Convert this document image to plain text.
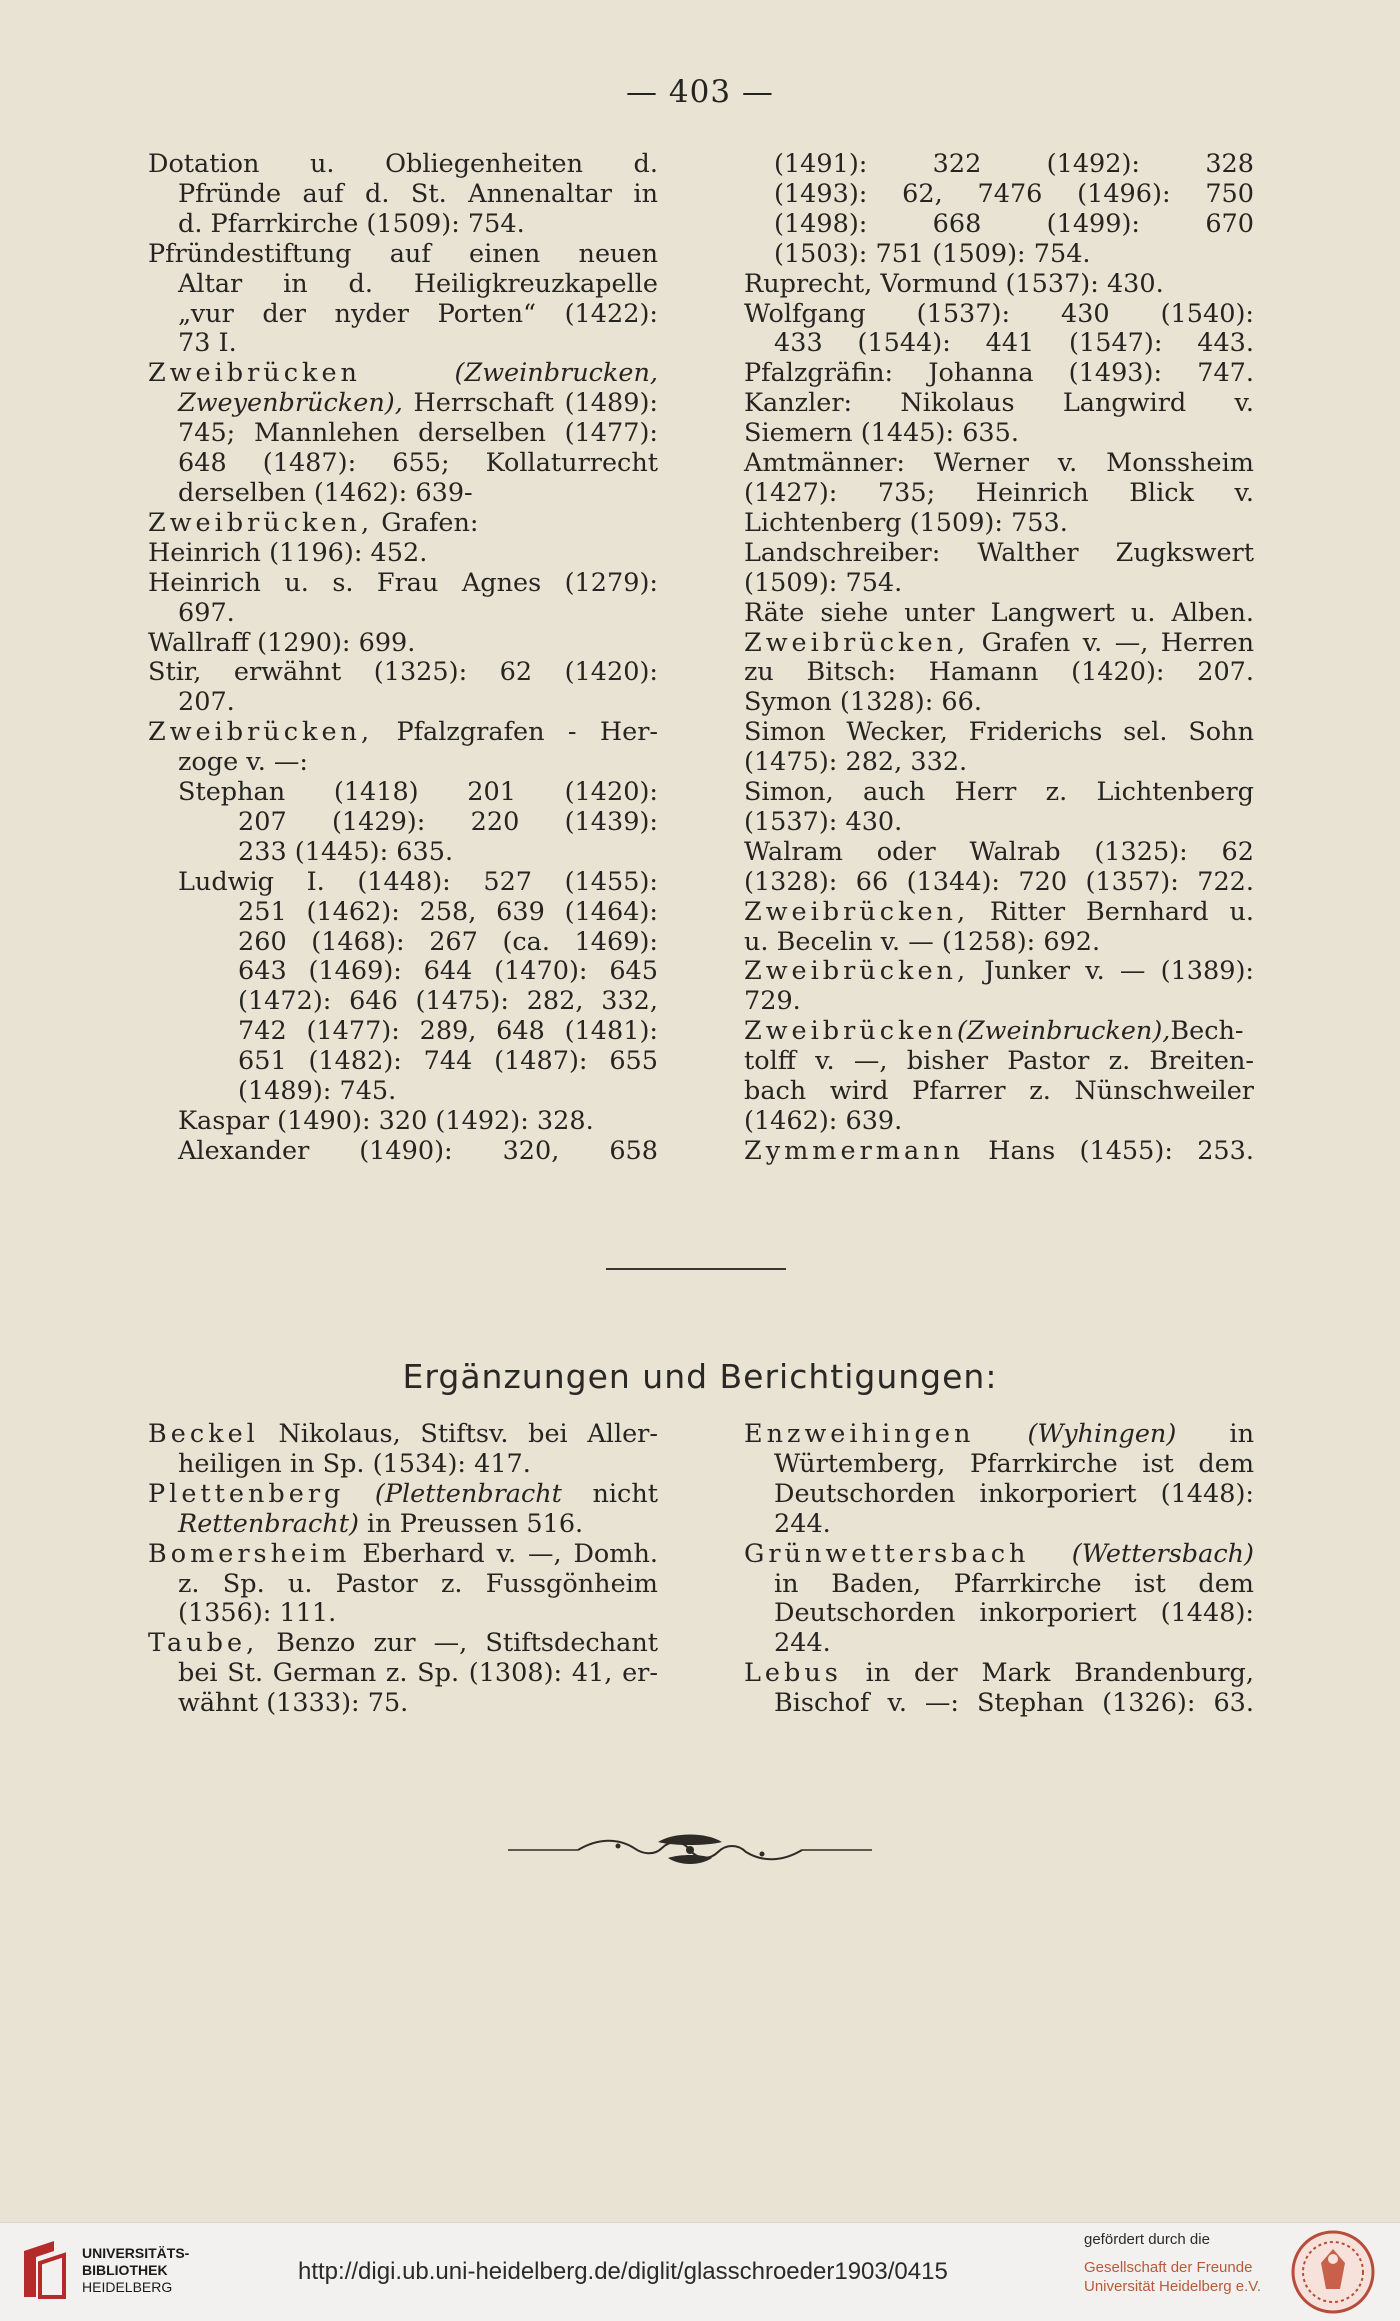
— 403 —
Dotation u. Obliegenheiten d.
Pfründe auf d. St. Annenaltar in
d. Pfarrkirche (1509): 754.
Pfründestiftung auf einen neuen
Altar in d. Heiligkreuzkapelle
„vur der nyder Porten“ (1422):
73 I.
Zweibrücken	(Zweinbrucken,
Zweyenbrücken), Herrschaft (1489):
745; Mannlehen derselben (1477):
648 (1487): 655; Kollaturrecht
derselben (1462): 639-
Zweibrücken, Grafen:
Heinrich (1196): 452.
Heinrich u. s. Frau Agnes (1279):
697.
Wallraff (1290): 699.
Stir, erwähnt (1325): 62 (1420):
207.
Zweibrücken, Pfalzgrafen - Her-
zoge v. —:
Stephan (1418) 201 (1420):
207 (1429): 220 (1439):
233 (1445): 635.
Ludwig I. (1448): 527 (1455):
251 (1462): 258, 639 (1464):
260 (1468): 267 (ca. 1469):
643 (1469): 644 (1470): 645
(1472): 646 (1475): 282, 332,
742 (1477): 289, 648 (1481):
651 (1482): 744 (1487): 655
(1489): 745.
Kaspar (1490): 320 (1492): 328.
Alexander (1490): 320, 658
(1491): 322 (1492): 328
(1493): 62, 7476 (1496): 750
(1498): 668 (1499): 670
(1503): 751 (1509): 754.
Ruprecht, Vormund (1537): 430.
Wolfgang (1537): 430 (1540):
433 (1544): 441 (1547): 443.
Pfalzgräfin: Johanna (1493): 747.
Kanzler: Nikolaus Langwird v.
Siemern (1445): 635.
Amtmänner: Werner v. Monssheim
(1427): 735; Heinrich Blick v.
Lichtenberg (1509): 753.
Landschreiber: Walther Zugkswert
(1509): 754.
Räte siehe unter Langwert u. Alben.
Zweibrücken, Grafen v. —, Herren
zu Bitsch: Hamann (1420): 207.
Symon (1328): 66.
Simon Wecker, Friderichs sel. Sohn
(1475): 282, 332.
Simon, auch Herr z. Lichtenberg
(1537): 430.
Walram oder Walrab (1325): 62
(1328): 66 (1344): 720 (1357): 722.
Zweibrücken, Ritter Bernhard u.
u. Becelin v. — (1258): 692.
Zweibrücken, Junker v. — (1389):
729.
Zweibrücken(Zweinbrucken),Bech-
tolff v. —, bisher Pastor z. Breiten-
bach wird Pfarrer z. Nünschweiler
(1462): 639.
Zymmermann Hans (1455): 253.
Ergänzungen und Berichtigungen:
Beckel Nikolaus, Stiftsv. bei Aller-
heiligen in Sp. (1534): 417.
Plettenberg (Plettenbracht nicht
Rettenbracht) in Preussen 516.
Bomersheim Eberhard v. —, Domh.
z. Sp. u. Pastor z. Fussgönheim
(1356): 111.
Taube, Benzo zur —, Stiftsdechant
bei St. German z. Sp. (1308): 41, er-
wähnt (1333): 75.
Enzweihingen (Wyhingen) in
Würtemberg, Pfarrkirche ist dem
Deutschorden inkorporiert (1448):
244.
Grünwettersbach (Wettersbach)
in Baden, Pfarrkirche ist dem
Deutschorden inkorporiert (1448):
244.
Lebus in der Mark Brandenburg,
Bischof v. —: Stephan (1326): 63.
UNIVERSITÄTS-
BIBLIOTHEK
HEIDELBERG
http://digi.ub.uni-heidelberg.de/diglit/glasschroeder1903/0415
gefördert durch die
Gesellschaft der Freunde
Universität Heidelberg e.V.
